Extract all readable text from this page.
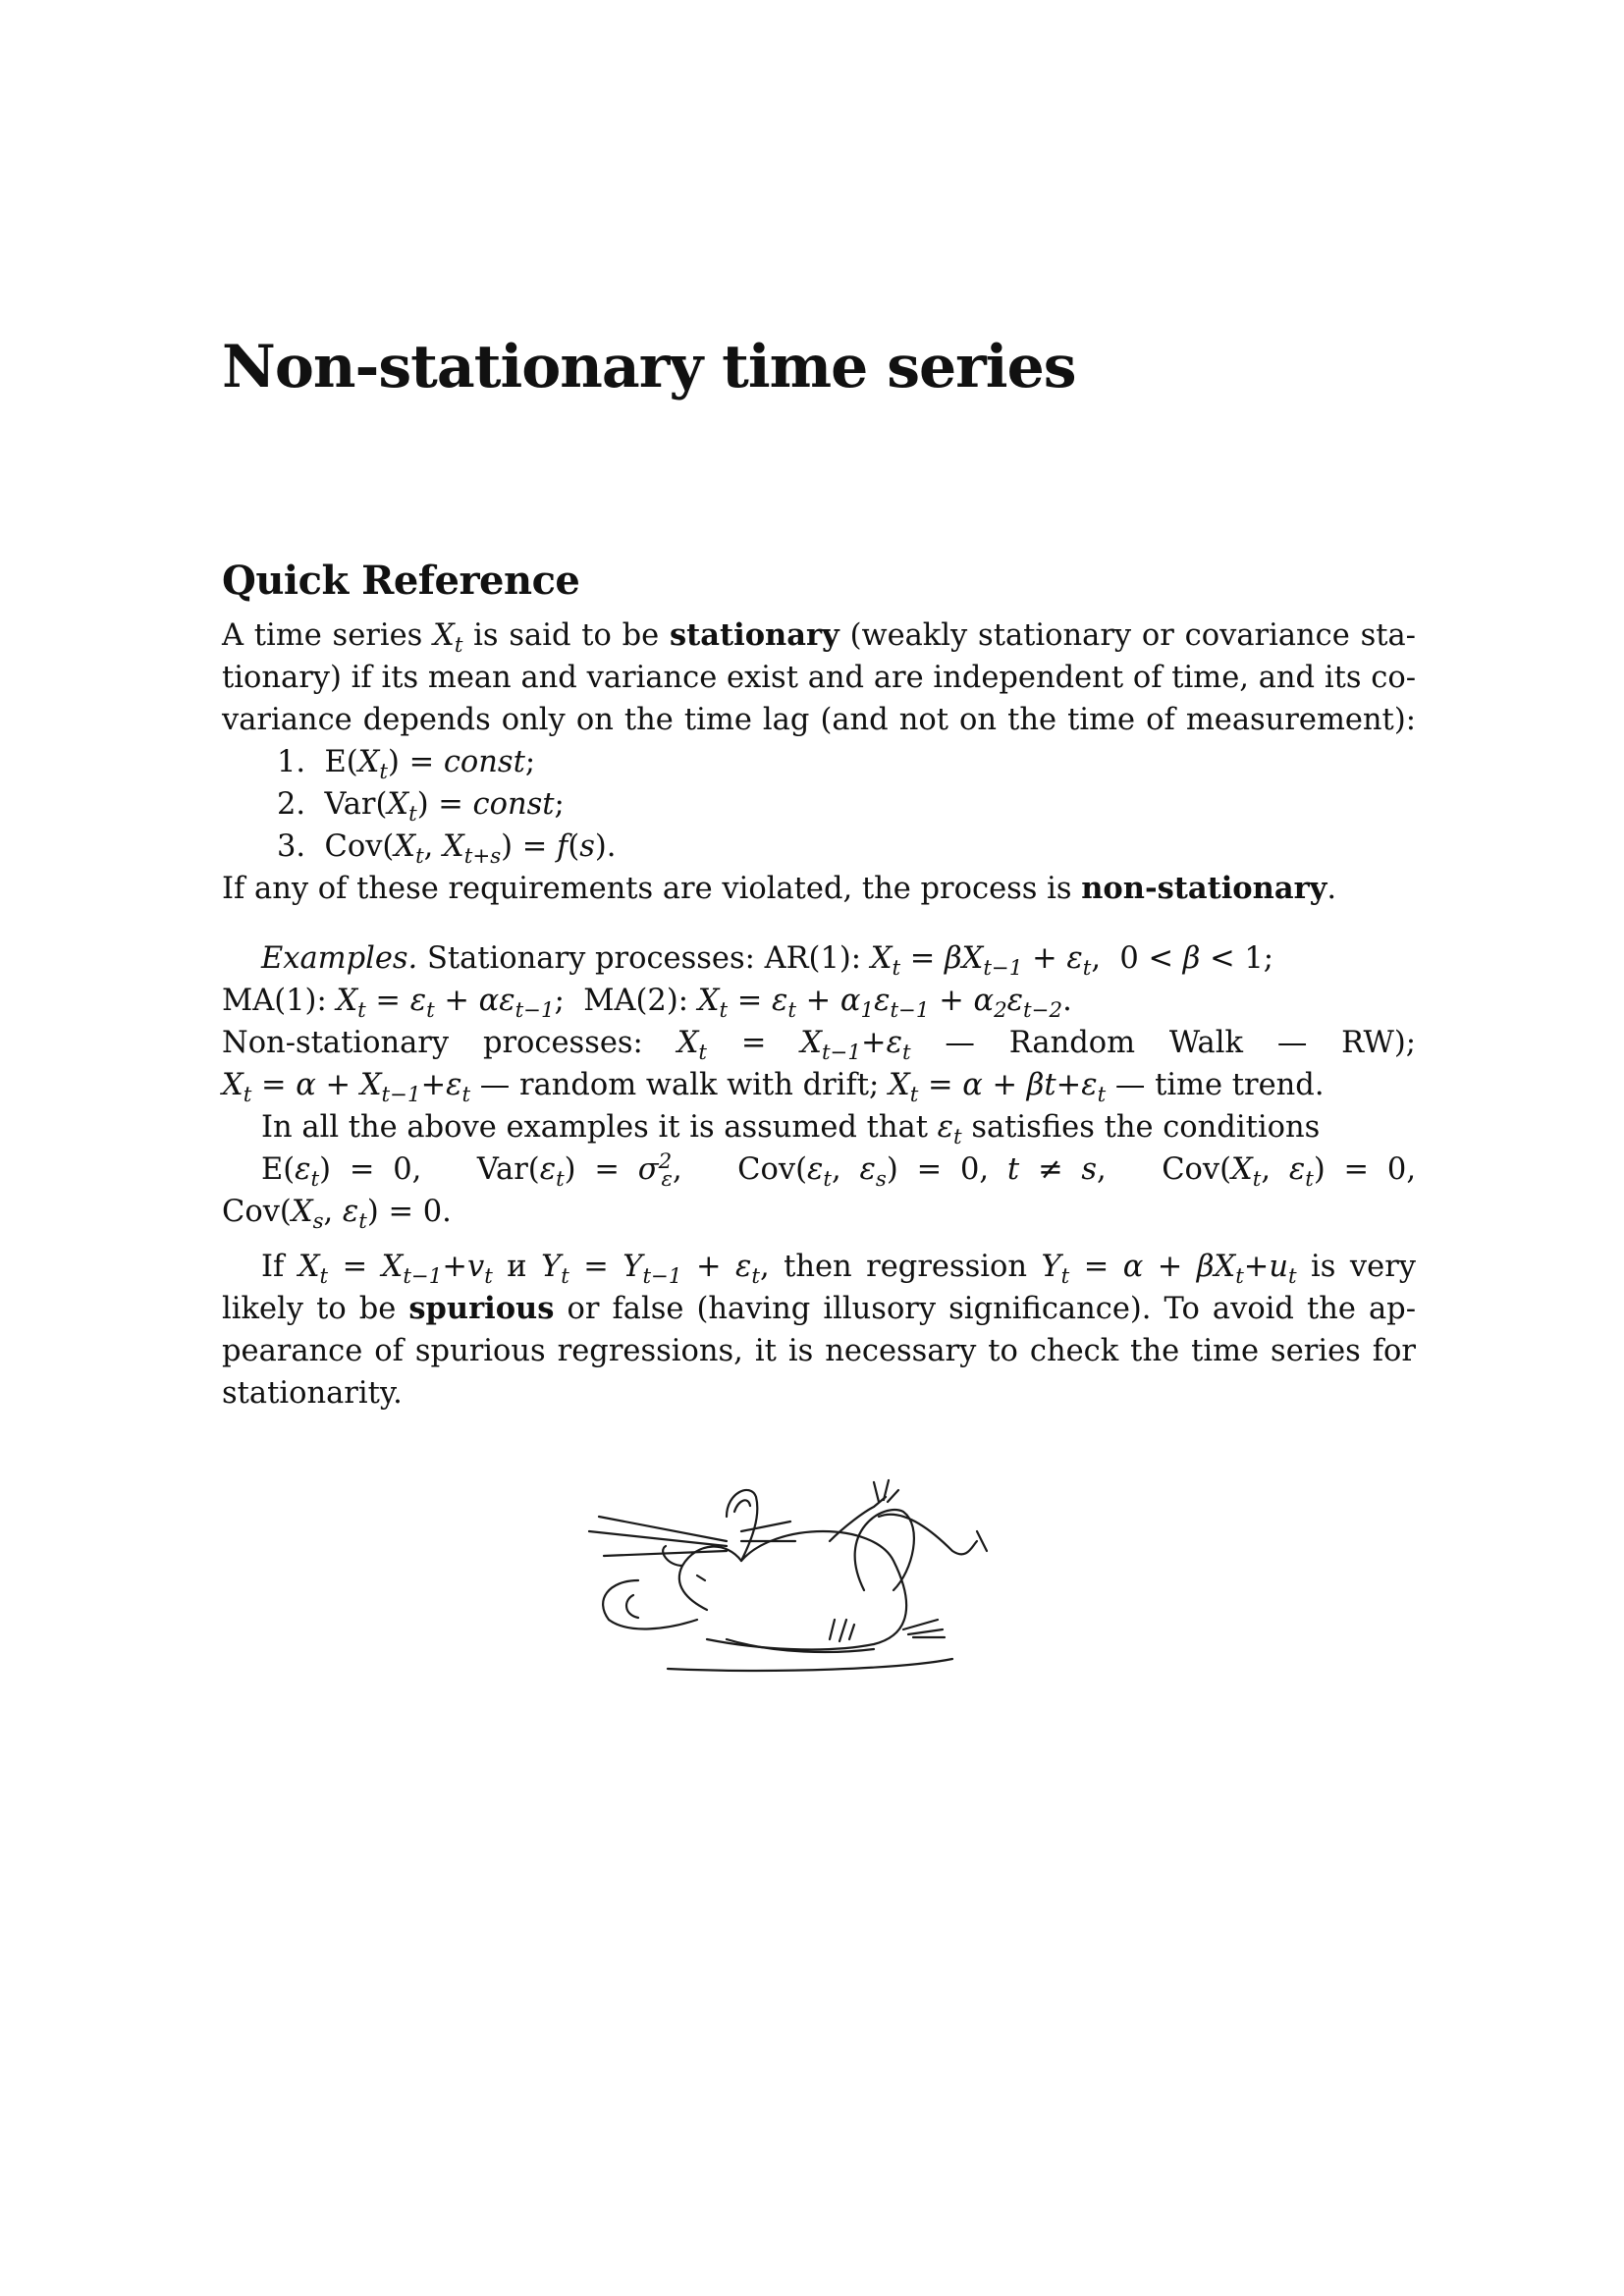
Non-stationary time series
Quick Reference
A time series $X_t$ is said to be stationary (weakly stationary or covariance sta-
tionary) if its mean and variance exist and are independent of time, and its co-
variance depends only on the time lag (and not on the time of measurement):
1.  $E(X_t)$ = const;
2.  $Var(X_t)$ = const;
3.  $Cov(X_t$, $X_{t+s}) = f(s)$.
If any of these requirements are violated, the process is non-stationary.
Examples. Stationary processes: AR(1): $X_t = \beta X_{t-1} + \varepsilon_t$,  0 < β < 1;
MA(1): $X_t = \varepsilon_t + \alpha\varepsilon_{t-1}$;  MA(2): $X_t = \varepsilon_t + \alpha_1\varepsilon_{t-1} + \alpha_2\varepsilon_{t-2}$.
Non-stationary processes: $X_t = X_{t-1}+\varepsilon_t$ — Random Walk — RW);
$X_t = \alpha + X_{t-1}+\varepsilon_t$ — random walk with drift; $X_t = \alpha + \beta t+\varepsilon_t$ — time trend.
In all the above examples it is assumed that $\varepsilon_t$ satisfies the conditions
$E(\varepsilon_t) = 0$,   $Var(\varepsilon_t) = \sigma^2_\varepsilon$,   $Cov(\varepsilon_t$, $\varepsilon_s) = 0$, t ≠ s,   $Cov(X_t$, $\varepsilon_t) = 0$,
$Cov(X_s$, $\varepsilon_t) = 0$.
If $X_t = X_{t-1}+v_t$ и $Y_t = Y_{t-1} + \varepsilon_t$, then regression $Y_t = \alpha + \beta X_t+u_t$ is very
likely to be spurious or false (having illusory significance). To avoid the ap-
pearance of spurious regressions, it is necessary to check the time series for
stationarity.
